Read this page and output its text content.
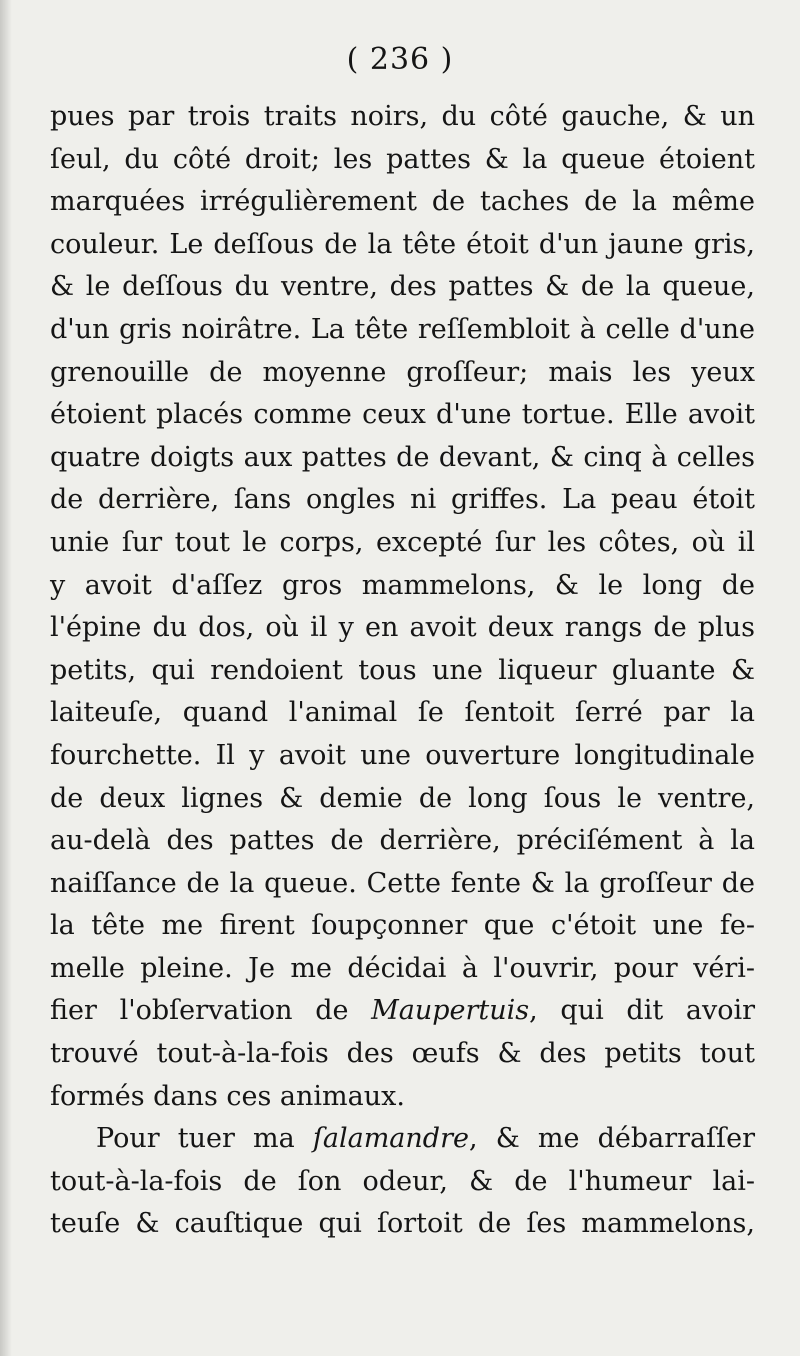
( 236 )
pues par trois traits noirs, du côté gauche, & un
ſeul, du côté droit; les pattes & la queue étoient
marquées irrégulièrement de taches de la même
couleur. Le deſſous de la tête étoit d'un jaune gris,
& le deſſous du ventre, des pattes & de la queue,
d'un gris noirâtre. La tête reſſembloit à celle d'une
grenouille de moyenne groſſeur; mais les yeux
étoient placés comme ceux d'une tortue. Elle avoit
quatre doigts aux pattes de devant, & cinq à celles
de derrière, ſans ongles ni griffes. La peau étoit
unie ſur tout le corps, excepté ſur les côtes, où il
y avoit d'aſſez gros mammelons, & le long de
l'épine du dos, où il y en avoit deux rangs de plus
petits, qui rendoient tous une liqueur gluante &
laiteuſe, quand l'animal ſe ſentoit ſerré par la
fourchette. Il y avoit une ouverture longitudinale
de deux lignes & demie de long ſous le ventre,
au-delà des pattes de derrière, préciſément à la
naiſſance de la queue. Cette fente & la groſſeur de
la tête me firent ſoupçonner que c'étoit une fe-
melle pleine. Je me décidai à l'ouvrir, pour véri-
fier l'obſervation de Maupertuis, qui dit avoir
trouvé tout-à-la-fois des œufs & des petits tout
formés dans ces animaux.
Pour tuer ma ſalamandre, & me débarraſſer
tout-à-la-fois de ſon odeur, & de l'humeur lai-
teuſe & cauſtique qui ſortoit de ſes mammelons,
